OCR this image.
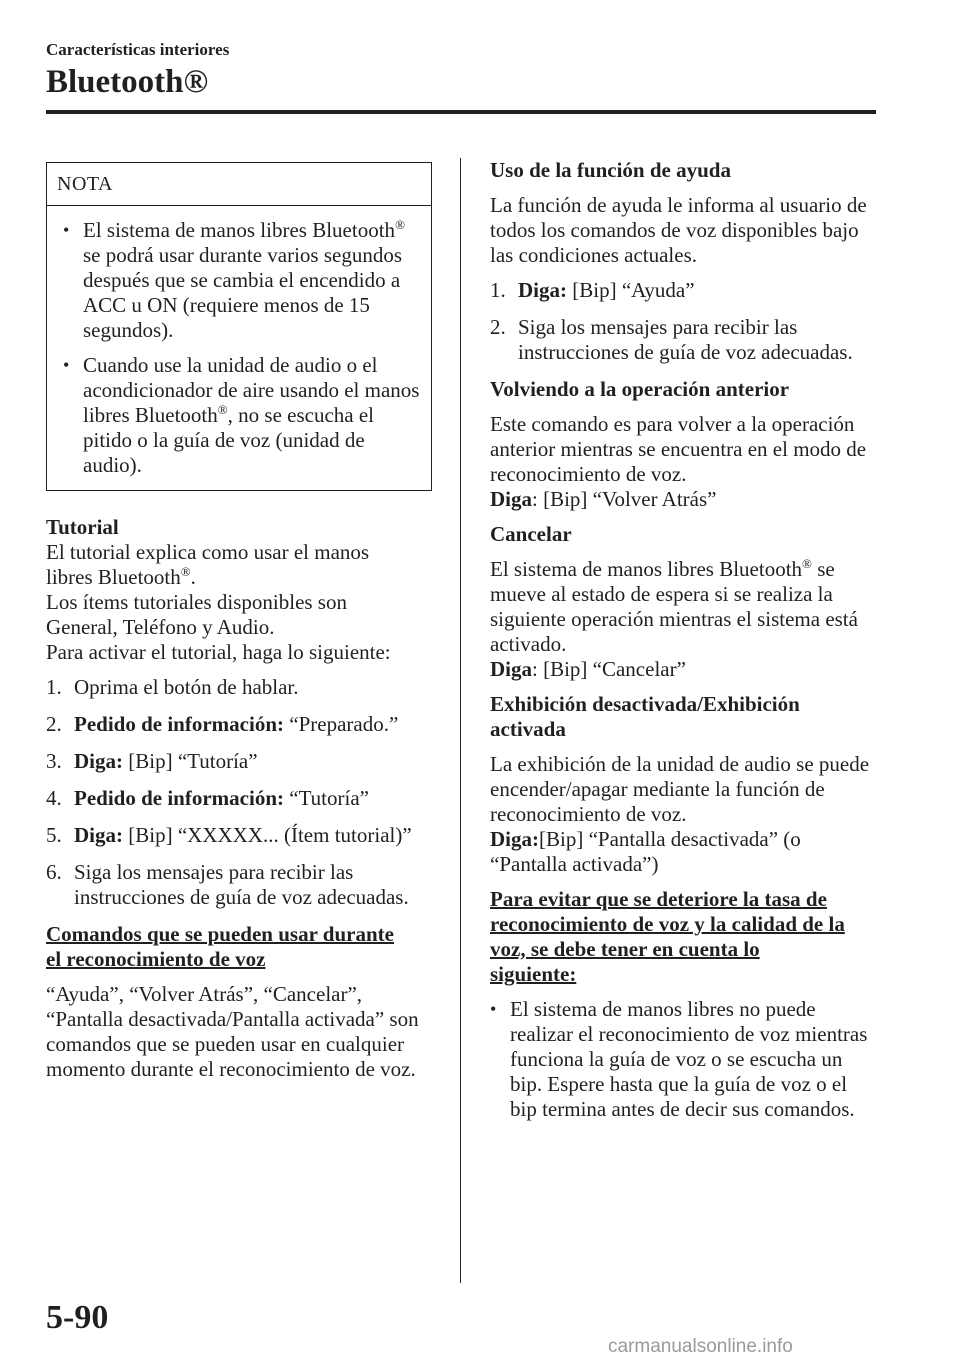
Características interiores
Bluetooth®
NOTA
• El sistema de manos libres Bluetooth® se podrá usar durante varios segundos después que se cambia el encendido a ACC u ON (requiere menos de 15 segundos).
• Cuando use la unidad de audio o el acondicionador de aire usando el manos libres Bluetooth®, no se escucha el pitido o la guía de voz (unidad de audio).

Tutorial

El tutorial explica como usar el manos

libres Bluetooth®.

Los ítems tutoriales disponibles son

General, Teléfono y Audio.

Para activar el tutorial, haga lo siguiente:

1. Oprima el botón de hablar.
2. Pedido de información: “Preparado.”
3. Diga: [Bip] “Tutoría”
4. Pedido de información: “Tutoría”
5. Diga: [Bip] “XXXXX... (Ítem tutorial)”
6. Siga los mensajes para recibir las instrucciones de guía de voz adecuadas.

Comandos que se pueden usar durante

el reconocimiento de voz

“Ayuda”, “Volver Atrás”, “Cancelar”, “Pantalla desactivada/Pantalla activada” son comandos que se pueden usar en cualquier momento durante el reconocimiento de voz.

Uso de la función de ayuda

La función de ayuda le informa al usuario de todos los comandos de voz disponibles bajo las condiciones actuales.

1. Diga: [Bip] “Ayuda”
2. Siga los mensajes para recibir las instrucciones de guía de voz adecuadas.

Volviendo a la operación anterior

Este comando es para volver a la operación anterior mientras se encuentra en el modo de reconocimiento de voz.

Diga: [Bip] “Volver Atrás”

Cancelar

El sistema de manos libres Bluetooth® se mueve al estado de espera si se realiza la siguiente operación mientras el sistema está activado.

Diga: [Bip] “Cancelar”

Exhibición desactivada/Exhibición

activada

La exhibición de la unidad de audio se puede encender/apagar mediante la función de reconocimiento de voz.

Diga:[Bip] “Pantalla desactivada” (o “Pantalla activada”)

Para evitar que se deteriore la tasa de

reconocimiento de voz y la calidad de la

voz, se debe tener en cuenta lo

siguiente:

• El sistema de manos libres no puede realizar el reconocimiento de voz mientras funciona la guía de voz o se escucha un bip. Espere hasta que la guía de voz o el bip termina antes de decir sus comandos.
5-90
carmanualsonline.info
